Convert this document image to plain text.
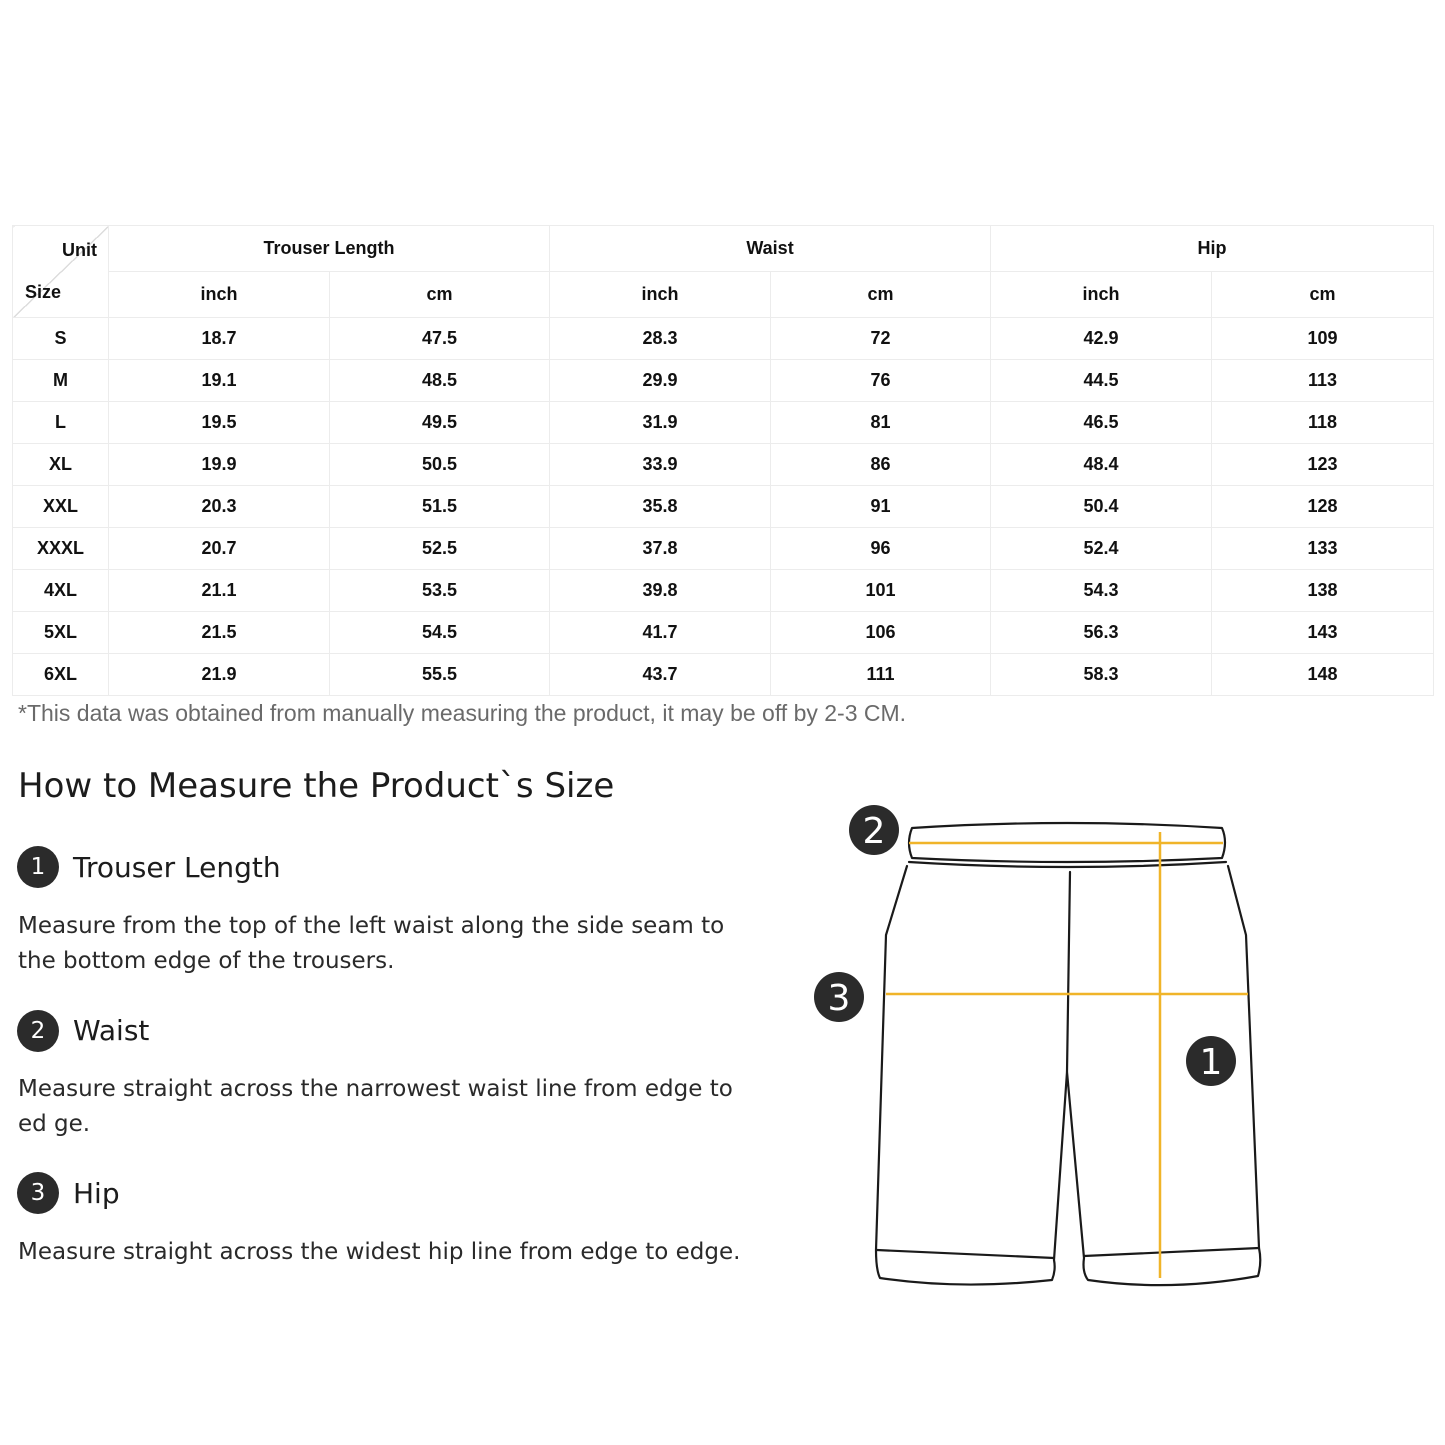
Unit
Size	Trouser Length		Waist		Hip	
	inch	cm	inch	cm	inch	cm
S	18.7	47.5	28.3	72	42.9	109
M	19.1	48.5	29.9	76	44.5	113
L	19.5	49.5	31.9	81	46.5	118
XL	19.9	50.5	33.9	86	48.4	123
XXL	20.3	51.5	35.8	91	50.4	128
XXXL	20.7	52.5	37.8	96	52.4	133
4XL	21.1	53.5	39.8	101	54.3	138
5XL	21.5	54.5	41.7	106	56.3	143
6XL	21.9	55.5	43.7	111	58.3	148
*This data was obtained from manually measuring the product, it may be off by 2-3 CM.
How to Measure the Product`s Size
1 Trouser Length
Measure from the top of the left waist along the side seam to the bottom edge of the trousers.
2 Waist
Measure straight across the narrowest waist line from edge to ed ge.
3 Hip
Measure straight across the widest hip line from edge to edge.
2
3
1
